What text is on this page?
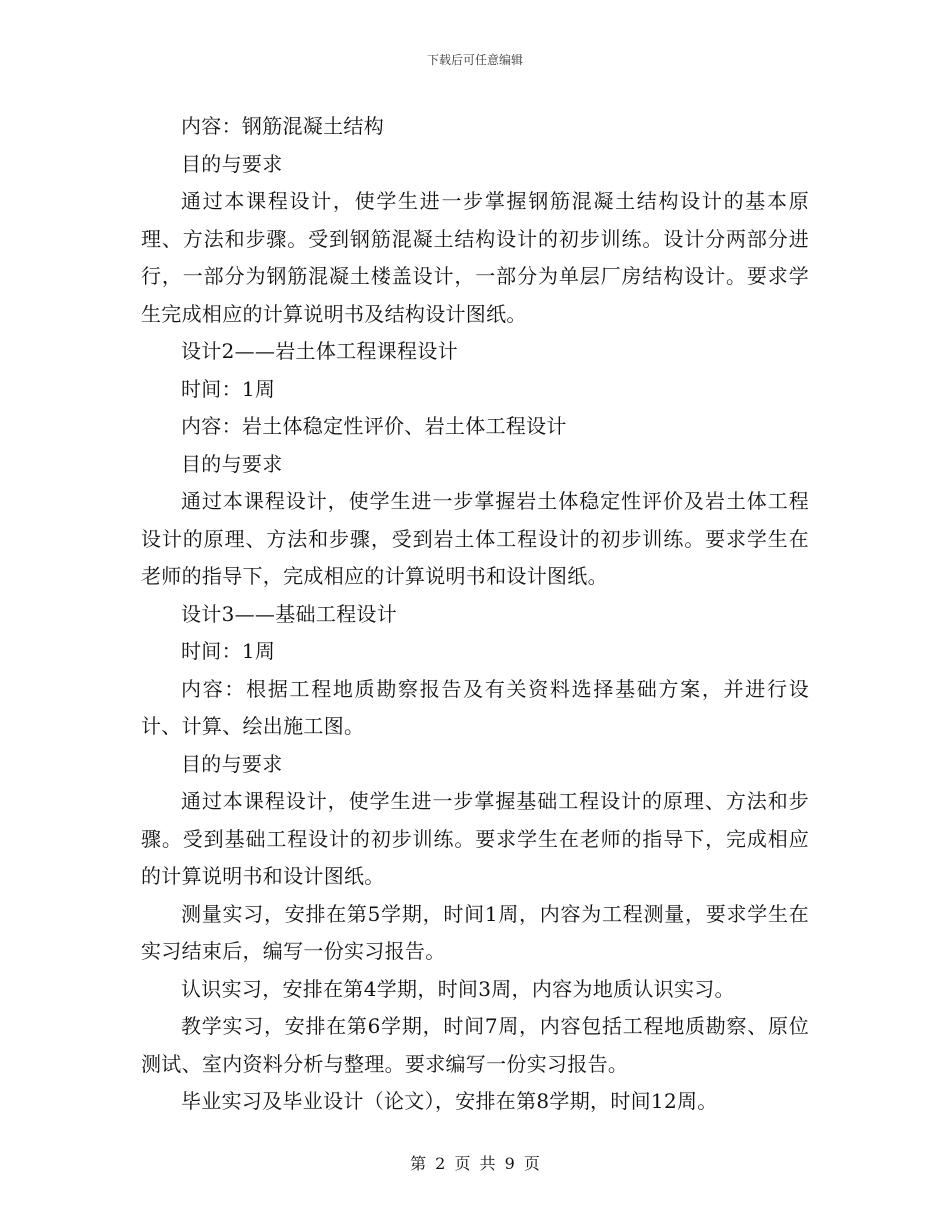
下载后可任意编辑

内容：钢筋混凝土结构

目的与要求

通过本课程设计，使学生进一步掌握钢筋混凝土结构设计的基本原理、方法和步骤。受到钢筋混凝土结构设计的初步训练。设计分两部分进行，一部分为钢筋混凝土楼盖设计，一部分为单层厂房结构设计。要求学生完成相应的计算说明书及结构设计图纸。

设计2——岩土体工程课程设计

时间：1周

内容：岩土体稳定性评价、岩土体工程设计

目的与要求

通过本课程设计，使学生进一步掌握岩土体稳定性评价及岩土体工程设计的原理、方法和步骤，受到岩土体工程设计的初步训练。要求学生在老师的指导下，完成相应的计算说明书和设计图纸。

设计3——基础工程设计

时间：1周

内容：根据工程地质勘察报告及有关资料选择基础方案，并进行设计、计算、绘出施工图。

目的与要求

通过本课程设计，使学生进一步掌握基础工程设计的原理、方法和步骤。受到基础工程设计的初步训练。要求学生在老师的指导下，完成相应的计算说明书和设计图纸。

测量实习，安排在第5学期，时间1周，内容为工程测量，要求学生在实习结束后，编写一份实习报告。

认识实习，安排在第4学期，时间3周，内容为地质认识实习。

教学实习，安排在第6学期，时间7周，内容包括工程地质勘察、原位测试、室内资料分析与整理。要求编写一份实习报告。

毕业实习及毕业设计（论文），安排在第8学期，时间12周。

第 2 页 共 9 页
